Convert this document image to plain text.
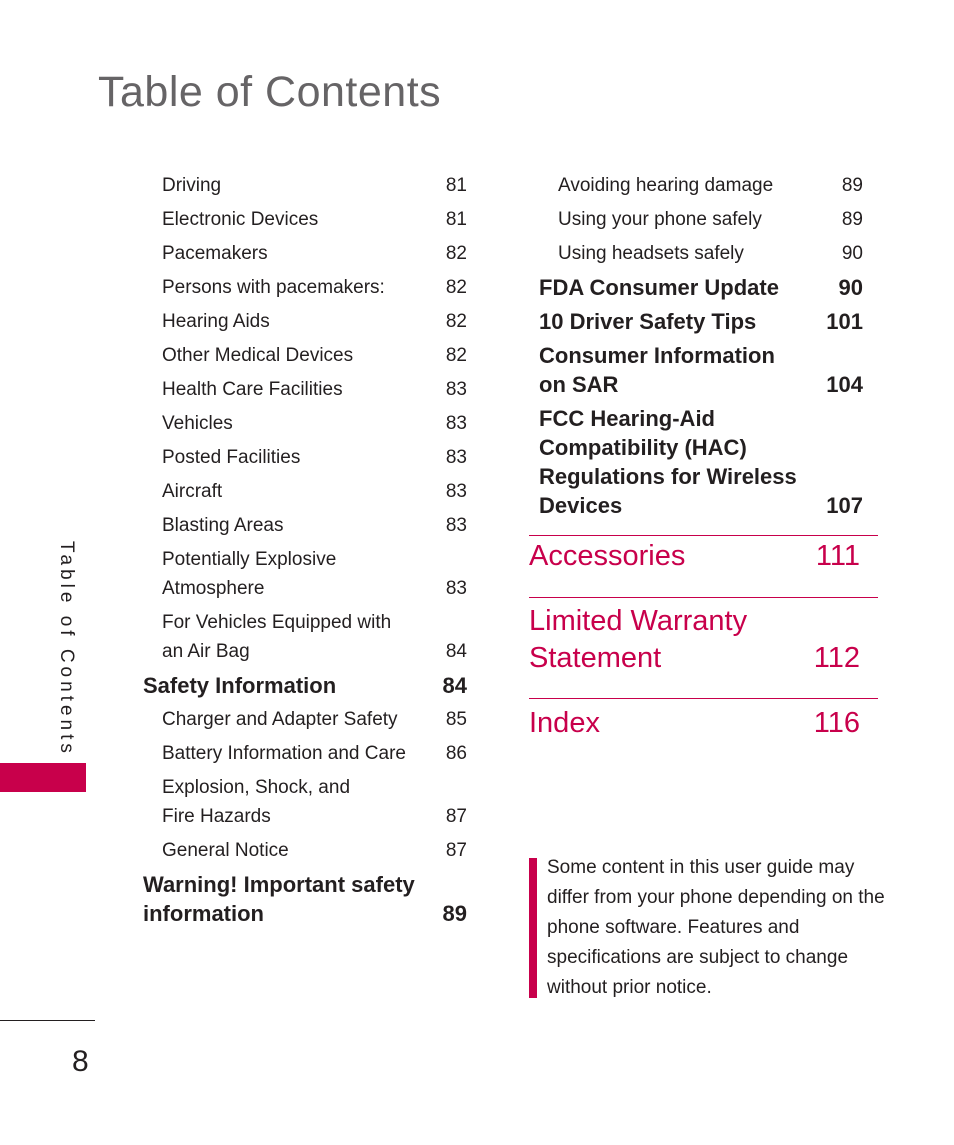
Table of Contents
Driving	81
Electronic Devices	81
Pacemakers	82
Persons with pacemakers:	82
Hearing Aids	82
Other Medical Devices	82
Health Care Facilities	83
Vehicles	83
Posted Facilities	83
Aircraft	83
Blasting Areas	83
Potentially Explosive Atmosphere	83
For Vehicles Equipped with an Air Bag	84
Safety Information	84
Charger and Adapter Safety	85
Battery Information and Care	86
Explosion, Shock, and Fire Hazards	87
General Notice	87
Warning! Important safety information	89
Avoiding hearing damage	89
Using your phone safely	89
Using headsets safely	90
FDA Consumer Update	90
10 Driver Safety Tips	101
Consumer Information on SAR	104
FCC Hearing-Aid Compatibility (HAC) Regulations for Wireless Devices	107
Accessories	111
Limited Warranty Statement	112
Index	116
Table of Contents
8
Some content in this user guide may differ from your phone depending on the phone software. Features and specifications are subject to change without prior notice.
